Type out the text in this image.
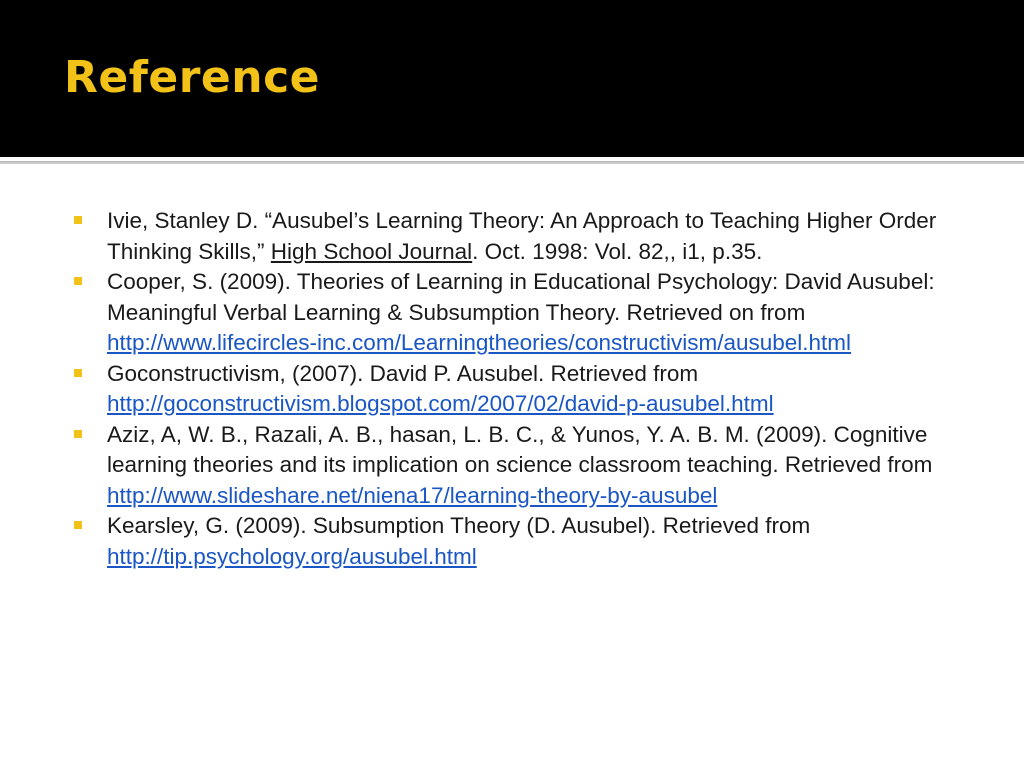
Reference
Ivie, Stanley D. “Ausubel’s Learning Theory: An Approach to Teaching Higher Order Thinking Skills,” High School Journal. Oct. 1998: Vol. 82,, i1, p.35.
Cooper, S. (2009). Theories of Learning in Educational Psychology: David Ausubel: Meaningful Verbal Learning & Subsumption Theory. Retrieved on from http://www.lifecircles-inc.com/Learningtheories/constructivism/ausubel.html
Goconstructivism, (2007). David P. Ausubel. Retrieved from http://goconstructivism.blogspot.com/2007/02/david-p-ausubel.html
Aziz, A, W. B., Razali, A. B., hasan, L. B. C., & Yunos, Y. A. B. M. (2009). Cognitive learning theories and its implication on science classroom teaching. Retrieved from http://www.slideshare.net/niena17/learning-theory-by-ausubel
Kearsley, G. (2009). Subsumption Theory (D. Ausubel). Retrieved from http://tip.psychology.org/ausubel.html
